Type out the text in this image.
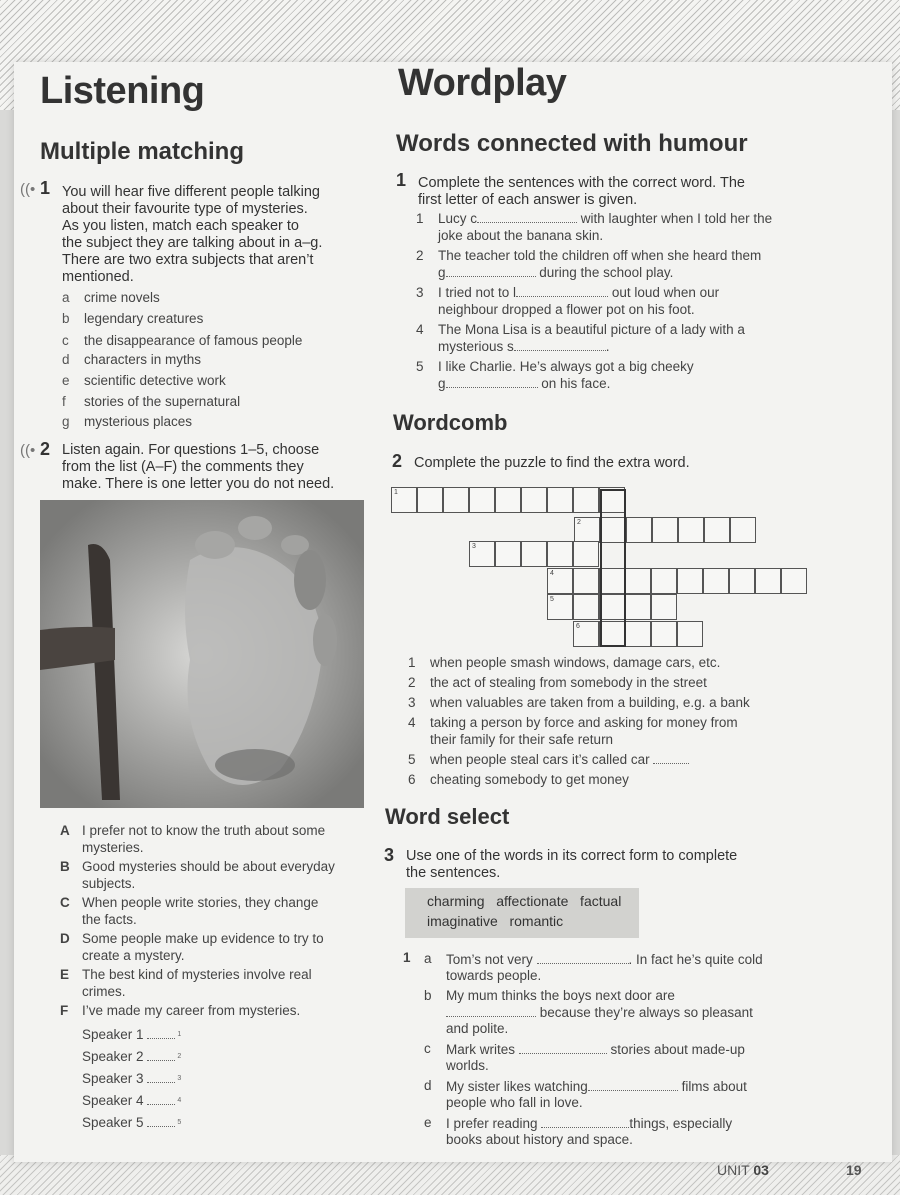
Listening
Multiple matching
((• 1 You will hear five different people talking
about their favourite type of mysteries.
As you listen, match each speaker to
the subject they are talking about in a–g.
There are two extra subjects that aren’t
mentioned.
a crime novels
b legendary creatures
c the disappearance of famous people
d characters in myths
e scientific detective work
f stories of the supernatural
g mysterious places
((• 2 Listen again. For questions 1–5, choose
from the list (A–F) the comments they
make. There is one letter you do not need.
A I prefer not to know the truth about some
mysteries.
B Good mysteries should be about everyday
subjects.
C When people write stories, they change
the facts.
D Some people make up evidence to try to
create a mystery.
E The best kind of mysteries involve real
crimes.
F I’ve made my career from mysteries.
Speaker 1	$^1$
Speaker 2	$^2$
Speaker 3	$^3$
Speaker 4	$^4$
Speaker 5	$^5$
Wordplay
Words connected with humour
1 Complete the sentences with the correct word. The
first letter of each answer is given.
1 Lucy c	with laughter when I told her the
joke about the banana skin.
2 The teacher told the children off when she heard them
g	during the school play.
3 I tried not to l	out loud when our
neighbour dropped a flower pot on his foot.
4 The Mona Lisa is a beautiful picture of a lady with a
mysterious s	.
5 I like Charlie. He’s always got a big cheeky
g	on his face.
Wordcomb
2 Complete the puzzle to find the extra word.
1
2
3
4
5
6
1 when people smash windows, damage cars, etc.
2 the act of stealing from somebody in the street
3 when valuables are taken from a building, e.g. a bank
4 taking a person by force and asking for money from
their family for their safe return
5 when people steal cars it’s called car
6 cheating somebody to get money
Word select
3 Use one of the words in its correct form to complete
the sentences.
charming   affectionate   factual
imaginative   romantic
1 a Tom’s not very	. In fact he’s quite cold
towards people.
b My mum thinks the boys next door are
because they’re always so pleasant
and polite.
c Mark writes	stories about made-up
worlds.
d My sister likes watching	films about
people who fall in love.
e I prefer reading	things, especially
books about history and space.
UNIT 03	19
